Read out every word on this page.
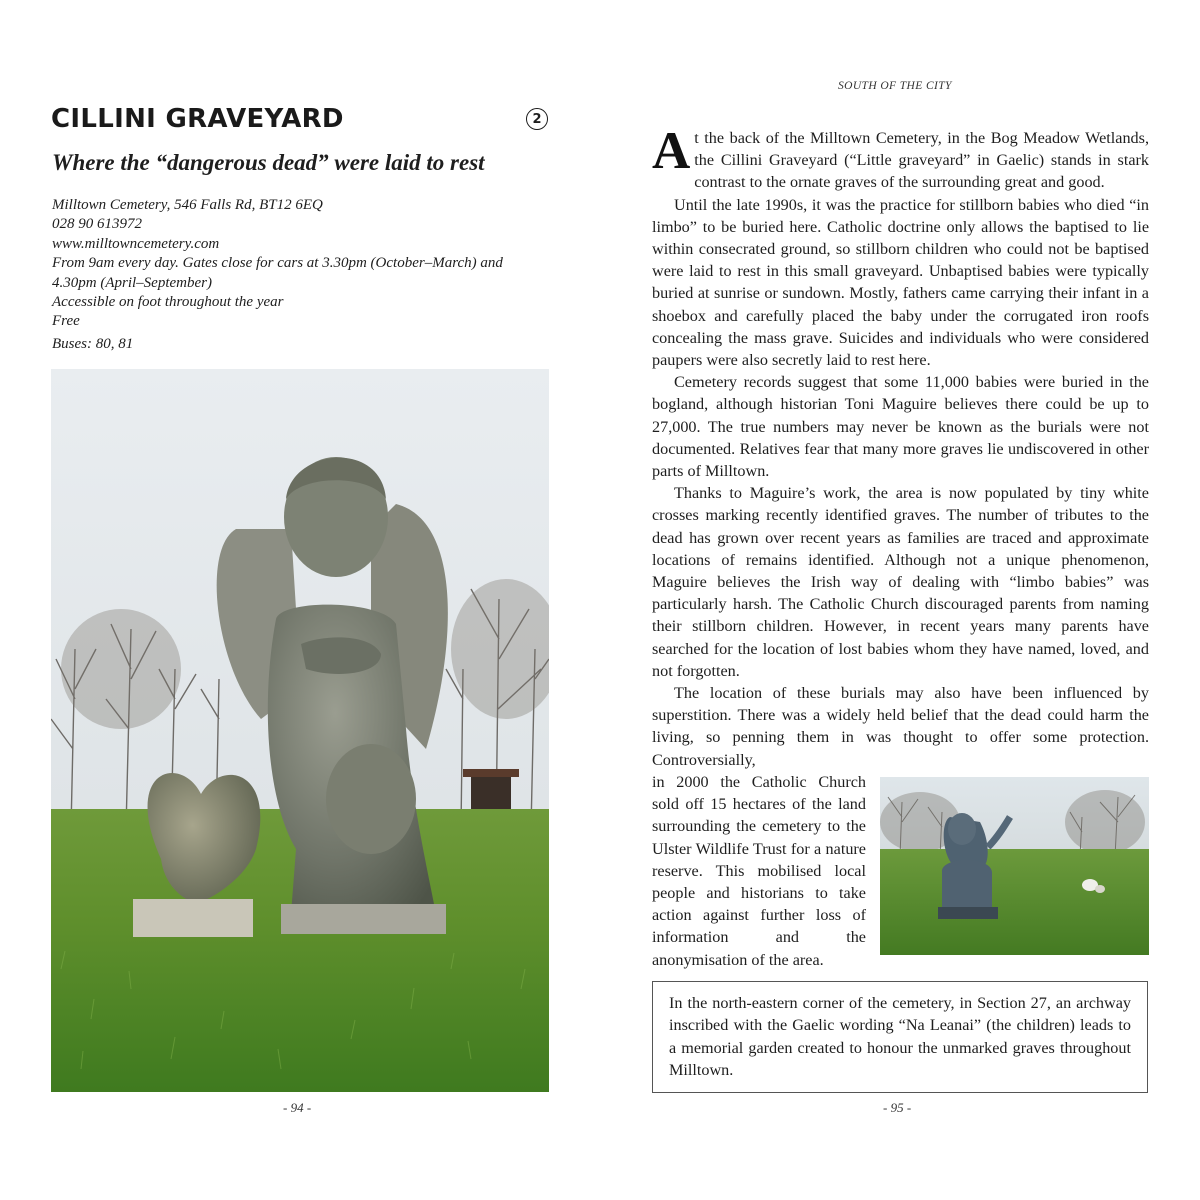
CILLINI GRAVEYARD	2
Where the “dangerous dead” were laid to rest
Milltown Cemetery, 546 Falls Rd, BT12 6EQ
028 90 613972
www.milltowncemetery.com
From 9am every day. Gates close for cars at 3.30pm (October–March) and
4.30pm (April–September)
Accessible on foot throughout the year
Free
Buses: 80, 81
- 94 -
SOUTH OF THE CITY

At the back of the Milltown Cemetery, in the Bog Meadow Wetlands, the Cillini Graveyard (“Little graveyard” in Gaelic) stands in stark contrast to the ornate graves of the surrounding great and good.

Until the late 1990s, it was the practice for stillborn babies who died “in limbo” to be buried here. Catholic doctrine only allows the baptised to lie within consecrated ground, so stillborn children who could not be baptised were laid to rest in this small graveyard. Unbaptised babies were typically buried at sunrise or sundown. Mostly, fathers came carrying their infant in a shoebox and carefully placed the baby under the corrugated iron roofs concealing the mass grave. Suicides and individuals who were considered paupers were also secretly laid to rest here.

Cemetery records suggest that some 11,000 babies were buried in the bogland, although historian Toni Maguire believes there could be up to 27,000. The true numbers may never be known as the burials were not documented. Relatives fear that many more graves lie undiscovered in other parts of Milltown.

Thanks to Maguire’s work, the area is now populated by tiny white crosses marking recently identified graves. The number of tributes to the dead has grown over recent years as families are traced and approximate locations of remains identified. Although not a unique phenomenon, Maguire believes the Irish way of dealing with “limbo babies” was particularly harsh. The Catholic Church discouraged parents from naming their stillborn children. However, in recent years many parents have searched for the location of lost babies whom they have named, loved, and not forgotten.

The location of these burials may also have been influenced by superstition. There was a widely held belief that the dead could harm the living, so penning them in was thought to offer some protection. Controversially,

in 2000 the Catholic Church sold off 15 hectares of the land surrounding the cemetery to the Ulster Wildlife Trust for a nature reserve. This mobilised local people and historians to take action against further loss of information and the anonymisation of the area.

In the north-eastern corner of the cemetery, in Section 27, an archway inscribed with the Gaelic wording “Na Leanai” (the children) leads to a memorial garden created to honour the unmarked graves throughout Milltown.
- 95 -
